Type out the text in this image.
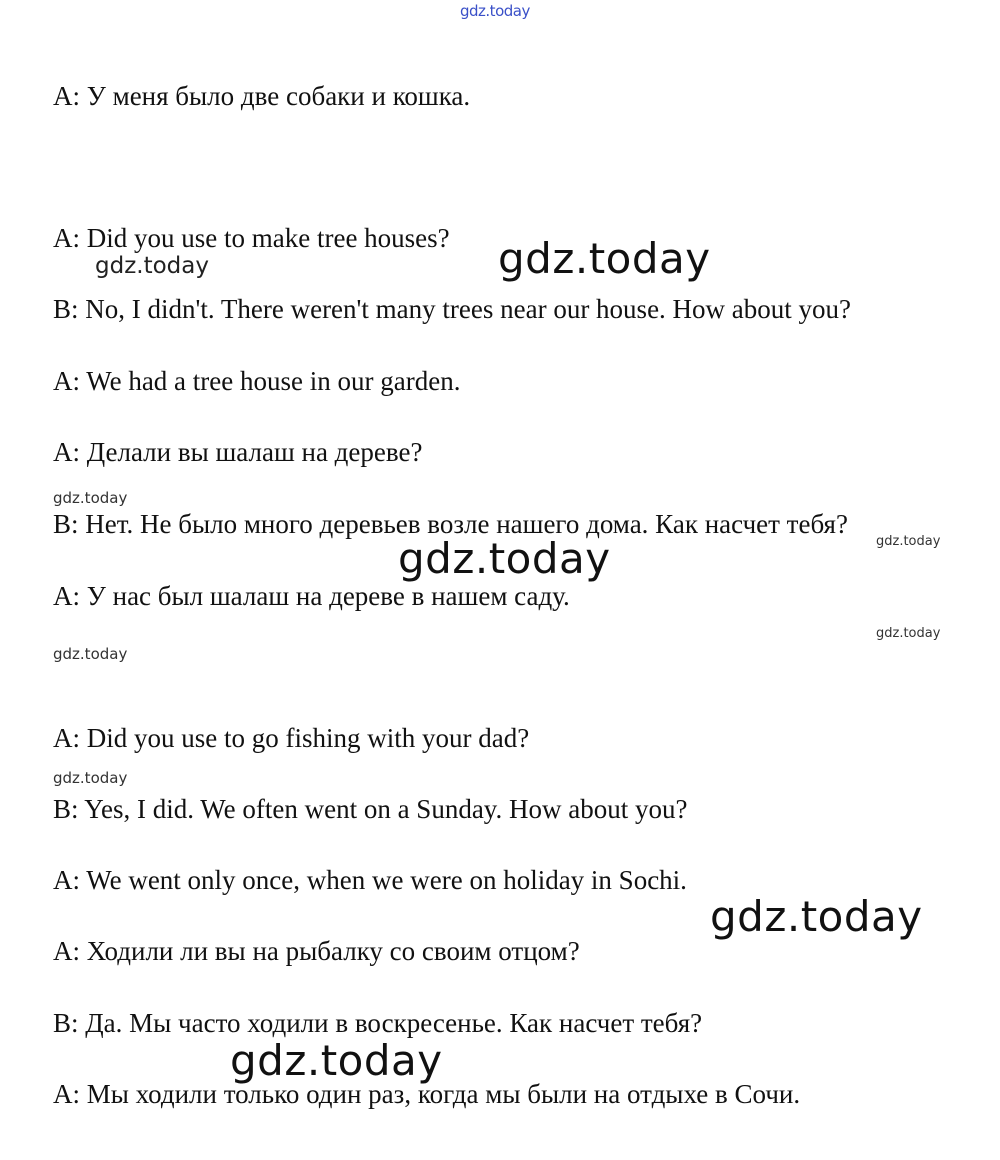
gdz.today
A: У меня было две собаки и кошка.
A: Did you use to make tree houses?
gdz.today	gdz.today
B: No, I didn't. There weren't many trees near our house. How about you?
A: We had a tree house in our garden.
A: Делали вы шалаш на дереве?
gdz.today
B: Нет. Не было много деревьев возле нашего дома. Как насчет тебя?
gdz.today
gdz.today
A: У нас был шалаш на дереве в нашем саду.
gdz.today
gdz.today
A: Did you use to go fishing with your dad?
gdz.today
B: Yes, I did. We often went on a Sunday. How about you?
A: We went only once, when we were on holiday in Sochi.
gdz.today
A: Ходили ли вы на рыбалку со своим отцом?
B: Да. Мы часто ходили в воскресенье. Как насчет тебя?
gdz.today
A: Мы ходили только один раз, когда мы были на отдыхе в Сочи.
